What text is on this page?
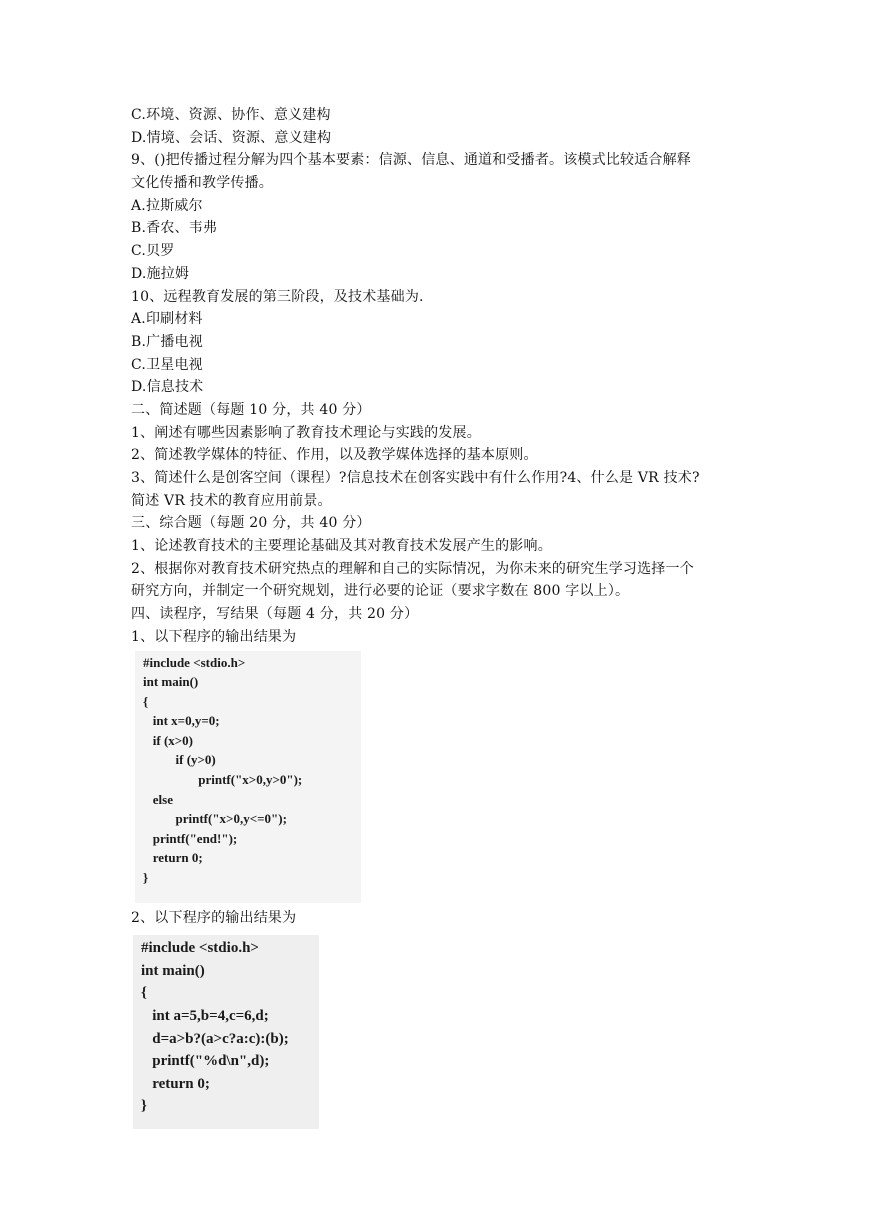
C.环境、资源、协作、意义建构
D.情境、会话、资源、意义建构
9、()把传播过程分解为四个基本要素：信源、信息、通道和受播者。该模式比较适合解释
文化传播和教学传播。
A.拉斯威尔
B.香农、韦弗
C.贝罗
D.施拉姆
10、远程教育发展的第三阶段，及技术基础为.
A.印刷材料
B.广播电视
C.卫星电视
D.信息技术
二、简述题（每题 10 分，共 40 分）
1、阐述有哪些因素影响了教育技术理论与实践的发展。
2、简述教学媒体的特征、作用，以及教学媒体选择的基本原则。
3、简述什么是创客空间（课程）?信息技术在创客实践中有什么作用?4、什么是 VR 技术?
简述 VR 技术的教育应用前景。
三、综合题（每题 20 分，共 40 分）
1、论述教育技术的主要理论基础及其对教育技术发展产生的影响。
2、根据你对教育技术研究热点的理解和自己的实际情况，为你未来的研究生学习选择一个
研究方向，并制定一个研究规划，进行必要的论证（要求字数在 800 字以上）。
四、读程序，写结果（每题 4 分，共 20 分）
1、以下程序的输出结果为
#include <stdio.h>
int main()
{
int x=0,y=0;
if (x>0)
if (y>0)
printf("x>0,y>0");
else
printf("x>0,y<=0");
printf("end!");
return 0;
}
2、以下程序的输出结果为
#include <stdio.h>
int main()
{
int a=5,b=4,c=6,d;
d=a>b?(a>c?a:c):(b);
printf("%d\n",d);
return 0;
}
